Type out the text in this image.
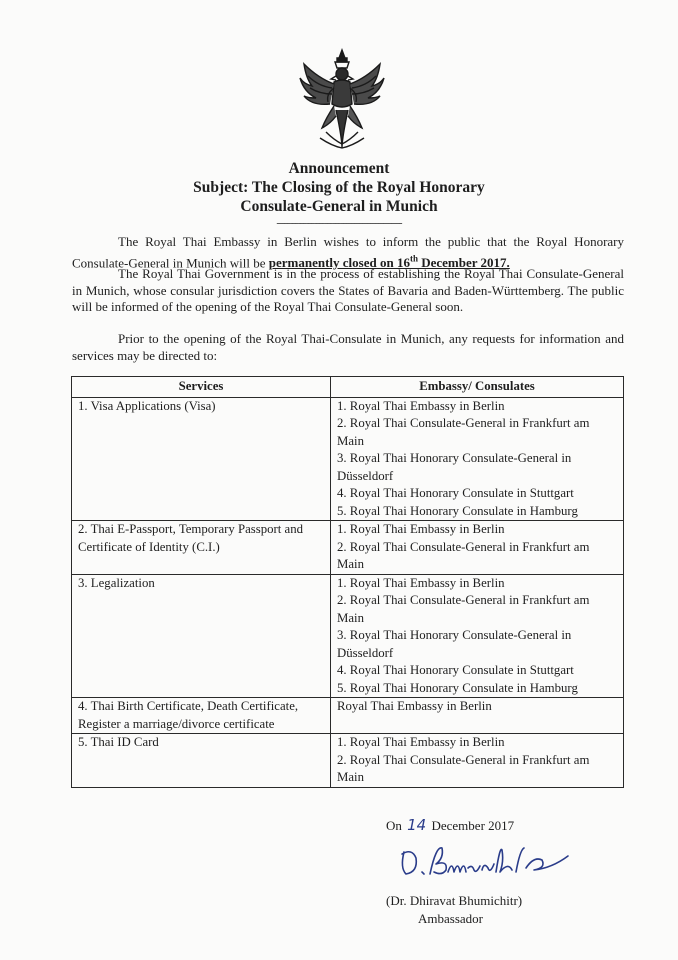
Announcement
Subject: The Closing of the Royal Honorary
Consulate-General in Munich
-----------------------------------------------
The Royal Thai Embassy in Berlin wishes to inform the public that the Royal Honorary Consulate-General in Munich will be permanently closed on 16th December 2017.
The Royal Thai Government is in the process of establishing the Royal Thai Consulate-General in Munich, whose consular jurisdiction covers the States of Bavaria and Baden-Württemberg. The public will be informed of the opening of the Royal Thai Consulate-General soon.
Prior to the opening of the Royal Thai-Consulate in Munich, any requests for information and services may be directed to:
Services	Embassy/ Consulates
1. Visa Applications (Visa)	1. Royal Thai Embassy in Berlin
2. Royal Thai Consulate-General in Frankfurt am Main
3. Royal Thai Honorary Consulate-General in Düsseldorf
4. Royal Thai Honorary Consulate in Stuttgart
5. Royal Thai Honorary Consulate in Hamburg

2. Thai E-Passport, Temporary Passport and Certificate of Identity (C.I.)	1. Royal Thai Embassy in Berlin
2. Royal Thai Consulate-General in Frankfurt am Main

3. Legalization	1. Royal Thai Embassy in Berlin
2. Royal Thai Consulate-General in Frankfurt am Main
3. Royal Thai Honorary Consulate-General in Düsseldorf
4. Royal Thai Honorary Consulate in Stuttgart
5. Royal Thai Honorary Consulate in Hamburg

4. Thai Birth Certificate, Death Certificate, Register a marriage/divorce certificate	Royal Thai Embassy in Berlin

5. Thai ID Card	1. Royal Thai Embassy in Berlin
2. Royal Thai Consulate-General in Frankfurt am Main
On 14 December 2017
(Dr. Dhiravat Bhumichitr)
Ambassador
